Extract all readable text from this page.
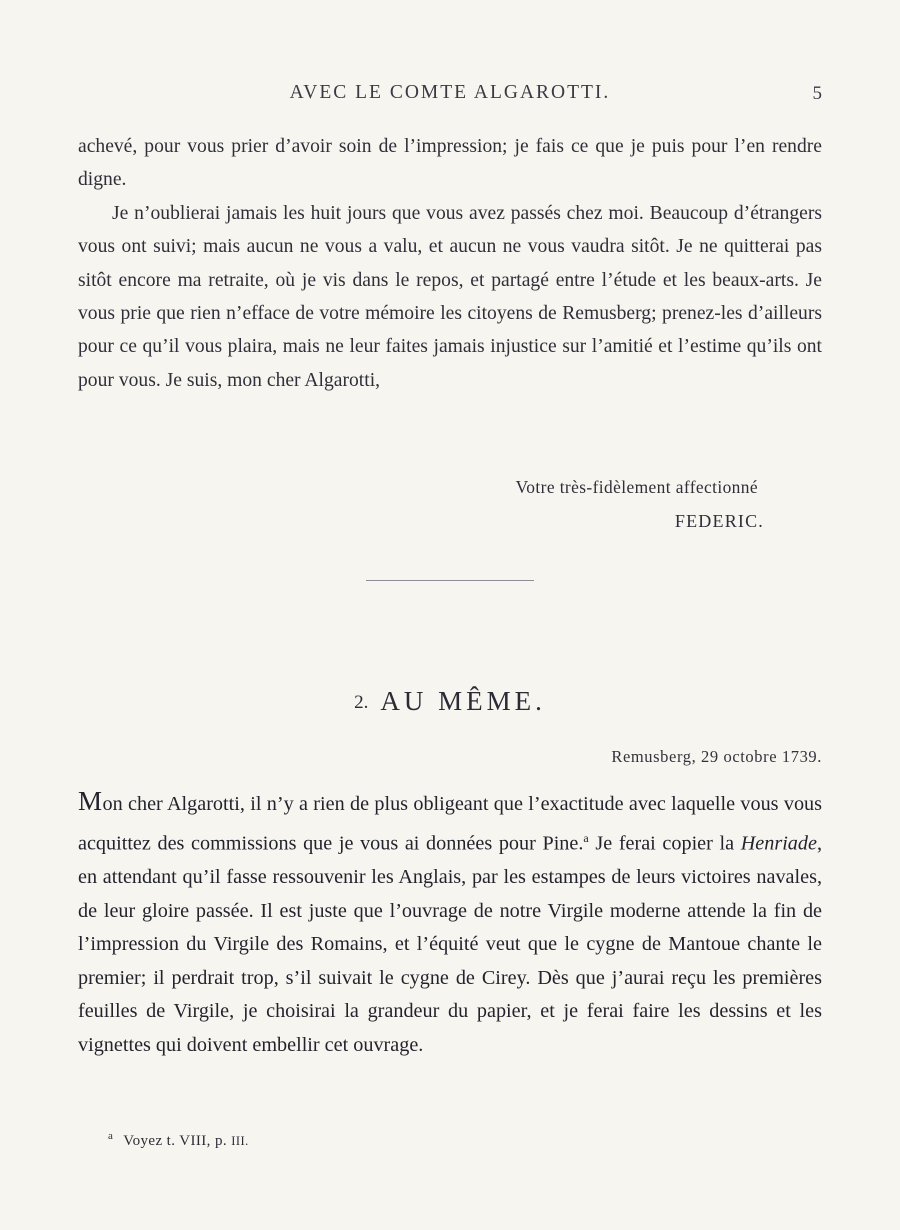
AVEC LE COMTE ALGAROTTI.	5

achevé, pour vous prier d’avoir soin de l’impression; je fais ce que je puis pour l’en rendre digne.

Je n’oublierai jamais les huit jours que vous avez passés chez moi. Beaucoup d’étrangers vous ont suivi; mais aucun ne vous a valu, et aucun ne vous vaudra sitôt. Je ne quitterai pas sitôt encore ma retraite, où je vis dans le repos, et partagé entre l’étude et les beaux-arts. Je vous prie que rien n’efface de votre mémoire les citoyens de Remusberg; prenez-les d’ailleurs pour ce qu’il vous plaira, mais ne leur faites jamais injustice sur l’amitié et l’estime qu’ils ont pour vous. Je suis, mon cher Algarotti,

Votre très-fidèlement affectionné
FEDERIC.
2. AU MÊME.
Remusberg, 29 octobre 1739.

Mon cher Algarotti, il n’y a rien de plus obligeant que l’exactitude avec laquelle vous vous acquittez des commissions que je vous ai données pour Pine.$^a$ Je ferai copier la Henriade, en attendant qu’il fasse ressouvenir les Anglais, par les estampes de leurs victoires navales, de leur gloire passée. Il est juste que l’ouvrage de notre Virgile moderne attende la fin de l’impression du Virgile des Romains, et l’équité veut que le cygne de Mantoue chante le premier; il perdrait trop, s’il suivait le cygne de Cirey. Dès que j’aurai reçu les premières feuilles de Virgile, je choisirai la grandeur du papier, et je ferai faire les dessins et les vignettes qui doivent embellir cet ouvrage.

$^a$ Voyez t. VIII, p. III.
